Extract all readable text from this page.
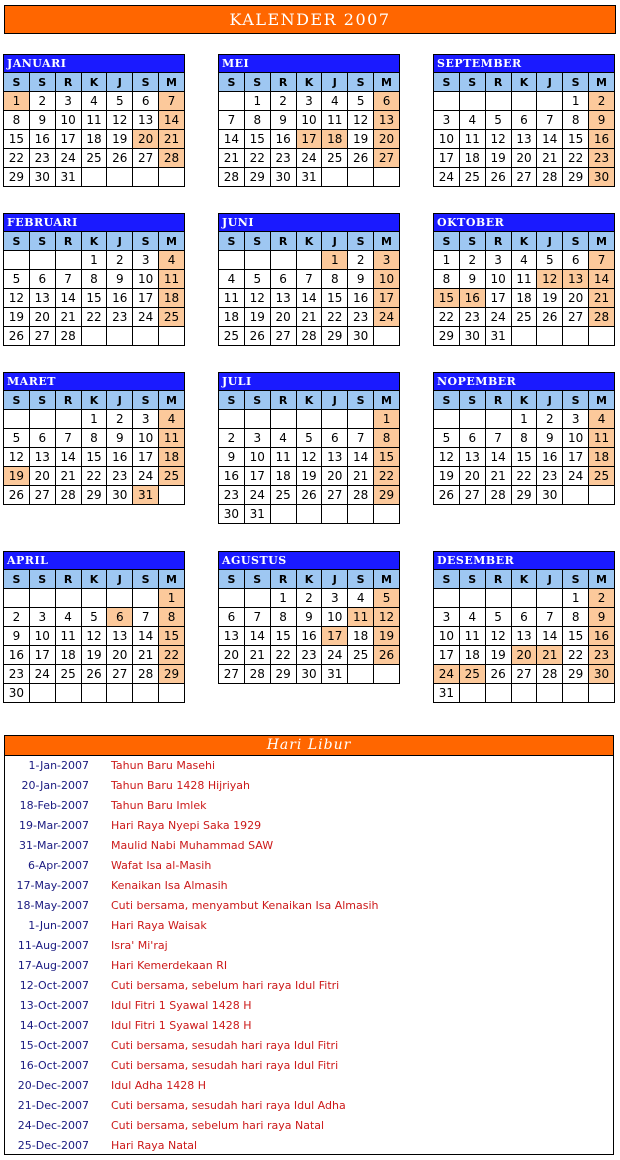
KALENDER 2007
JANUARI						
S	S	R	K	J	S	M
1	2	3	4	5	6	7
8	9	10	11	12	13	14
15	16	17	18	19	20	21
22	23	24	25	26	27	28
29	30	31				
FEBRUARI						
S	S	R	K	J	S	M
			1	2	3	4
5	6	7	8	9	10	11
12	13	14	15	16	17	18
19	20	21	22	23	24	25
26	27	28				
MARET						
S	S	R	K	J	S	M
			1	2	3	4
5	6	7	8	9	10	11
12	13	14	15	16	17	18
19	20	21	22	23	24	25
26	27	28	29	30	31	
APRIL						
S	S	R	K	J	S	M
						1
2	3	4	5	6	7	8
9	10	11	12	13	14	15
16	17	18	19	20	21	22
23	24	25	26	27	28	29
30						
MEI						
S	S	R	K	J	S	M
	1	2	3	4	5	6
7	8	9	10	11	12	13
14	15	16	17	18	19	20
21	22	23	24	25	26	27
28	29	30	31			
JUNI						
S	S	R	K	J	S	M
				1	2	3
4	5	6	7	8	9	10
11	12	13	14	15	16	17
18	19	20	21	22	23	24
25	26	27	28	29	30	
JULI						
S	S	R	K	J	S	M
						1
2	3	4	5	6	7	8
9	10	11	12	13	14	15
16	17	18	19	20	21	22
23	24	25	26	27	28	29
30	31					
AGUSTUS						
S	S	R	K	J	S	M
		1	2	3	4	5
6	7	8	9	10	11	12
13	14	15	16	17	18	19
20	21	22	23	24	25	26
27	28	29	30	31		
SEPTEMBER						
S	S	R	K	J	S	M
					1	2
3	4	5	6	7	8	9
10	11	12	13	14	15	16
17	18	19	20	21	22	23
24	25	26	27	28	29	30
OKTOBER						
S	S	R	K	J	S	M
1	2	3	4	5	6	7
8	9	10	11	12	13	14
15	16	17	18	19	20	21
22	23	24	25	26	27	28
29	30	31				
NOPEMBER						
S	S	R	K	J	S	M
			1	2	3	4
5	6	7	8	9	10	11
12	13	14	15	16	17	18
19	20	21	22	23	24	25
26	27	28	29	30		
DESEMBER						
S	S	R	K	J	S	M
					1	2
3	4	5	6	7	8	9
10	11	12	13	14	15	16
17	18	19	20	21	22	23
24	25	26	27	28	29	30
31						
Hari Libur
1-Jan-2007 Tahun Baru Masehi
20-Jan-2007 Tahun Baru 1428 Hijriyah
18-Feb-2007 Tahun Baru Imlek
19-Mar-2007 Hari Raya Nyepi Saka 1929
31-Mar-2007 Maulid Nabi Muhammad SAW
6-Apr-2007 Wafat Isa al-Masih
17-May-2007 Kenaikan Isa Almasih
18-May-2007 Cuti bersama, menyambut Kenaikan Isa Almasih
1-Jun-2007 Hari Raya Waisak
11-Aug-2007 Isra' Mi'raj
17-Aug-2007 Hari Kemerdekaan RI
12-Oct-2007 Cuti bersama, sebelum hari raya Idul Fitri
13-Oct-2007 Idul Fitri 1 Syawal 1428 H
14-Oct-2007 Idul Fitri 1 Syawal 1428 H
15-Oct-2007 Cuti bersama, sesudah hari raya Idul Fitri
16-Oct-2007 Cuti bersama, sesudah hari raya Idul Fitri
20-Dec-2007 Idul Adha 1428 H
21-Dec-2007 Cuti bersama, sesudah hari raya Idul Adha
24-Dec-2007 Cuti bersama, sebelum hari raya Natal
25-Dec-2007 Hari Raya Natal
